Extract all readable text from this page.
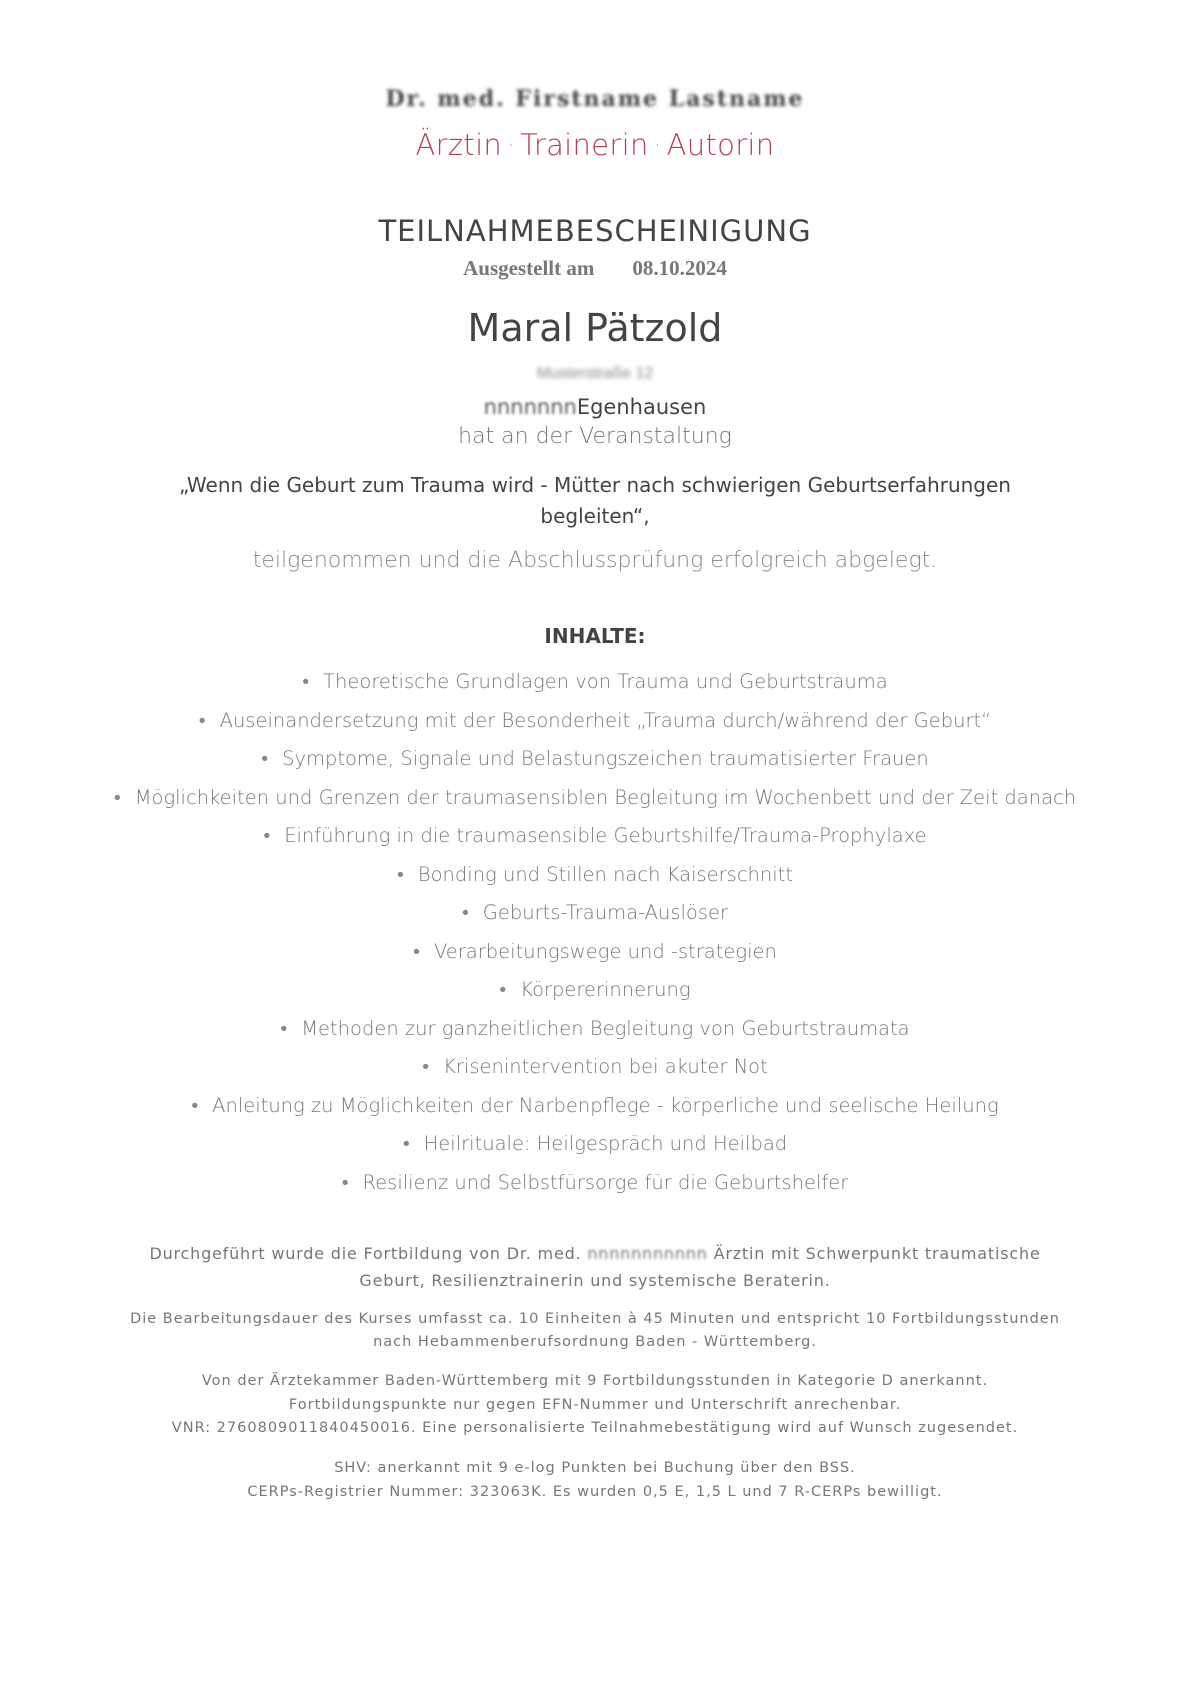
Dr. med. Firstname Lastname
Ärztin · Trainerin · Autorin
TEILNAHMEBESCHEINIGUNG
Ausgestellt am 08.10.2024
Maral Pätzold
Musterstraße 12
nnnnnnnEgenhausen
hat an der Veranstaltung
„Wenn die Geburt zum Trauma wird - Mütter nach schwierigen Geburtserfahrungen begleiten“,
teilgenommen und die Abschlussprüfung erfolgreich abgelegt.
INHALTE:
• Theoretische Grundlagen von Trauma und Geburtstrauma
• Auseinandersetzung mit der Besonderheit „Trauma durch/während der Geburt“
• Symptome, Signale und Belastungszeichen traumatisierter Frauen
• Möglichkeiten und Grenzen der traumasensiblen Begleitung im Wochenbett und der Zeit danach
• Einführung in die traumasensible Geburtshilfe/Trauma-Prophylaxe
• Bonding und Stillen nach Kaiserschnitt
• Geburts-Trauma-Auslöser
• Verarbeitungswege und -strategien
• Körpererinnerung
• Methoden zur ganzheitlichen Begleitung von Geburtstraumata
• Krisenintervention bei akuter Not
• Anleitung zu Möglichkeiten der Narbenpflege - körperliche und seelische Heilung
• Heilrituale: Heilgespräch und Heilbad
• Resilienz und Selbstfürsorge für die Geburtshelfer
Durchgeführt wurde die Fortbildung von Dr. med. nnnnnnnnnnn Ärztin mit Schwerpunkt traumatische
Geburt, Resilienztrainerin und systemische Beraterin.
Die Bearbeitungsdauer des Kurses umfasst ca. 10 Einheiten à 45 Minuten und entspricht 10 Fortbildungsstunden
nach Hebammenberufsordnung Baden - Württemberg.
Von der Ärztekammer Baden-Württemberg mit 9 Fortbildungsstunden in Kategorie D anerkannt.
Fortbildungspunkte nur gegen EFN-Nummer und Unterschrift anrechenbar.
VNR: 2760809011840450016. Eine personalisierte Teilnahmebestätigung wird auf Wunsch zugesendet.
SHV: anerkannt mit 9 e-log Punkten bei Buchung über den BSS.
CERPs-Registrier Nummer: 323063K. Es wurden 0,5 E, 1,5 L und 7 R-CERPs bewilligt.
